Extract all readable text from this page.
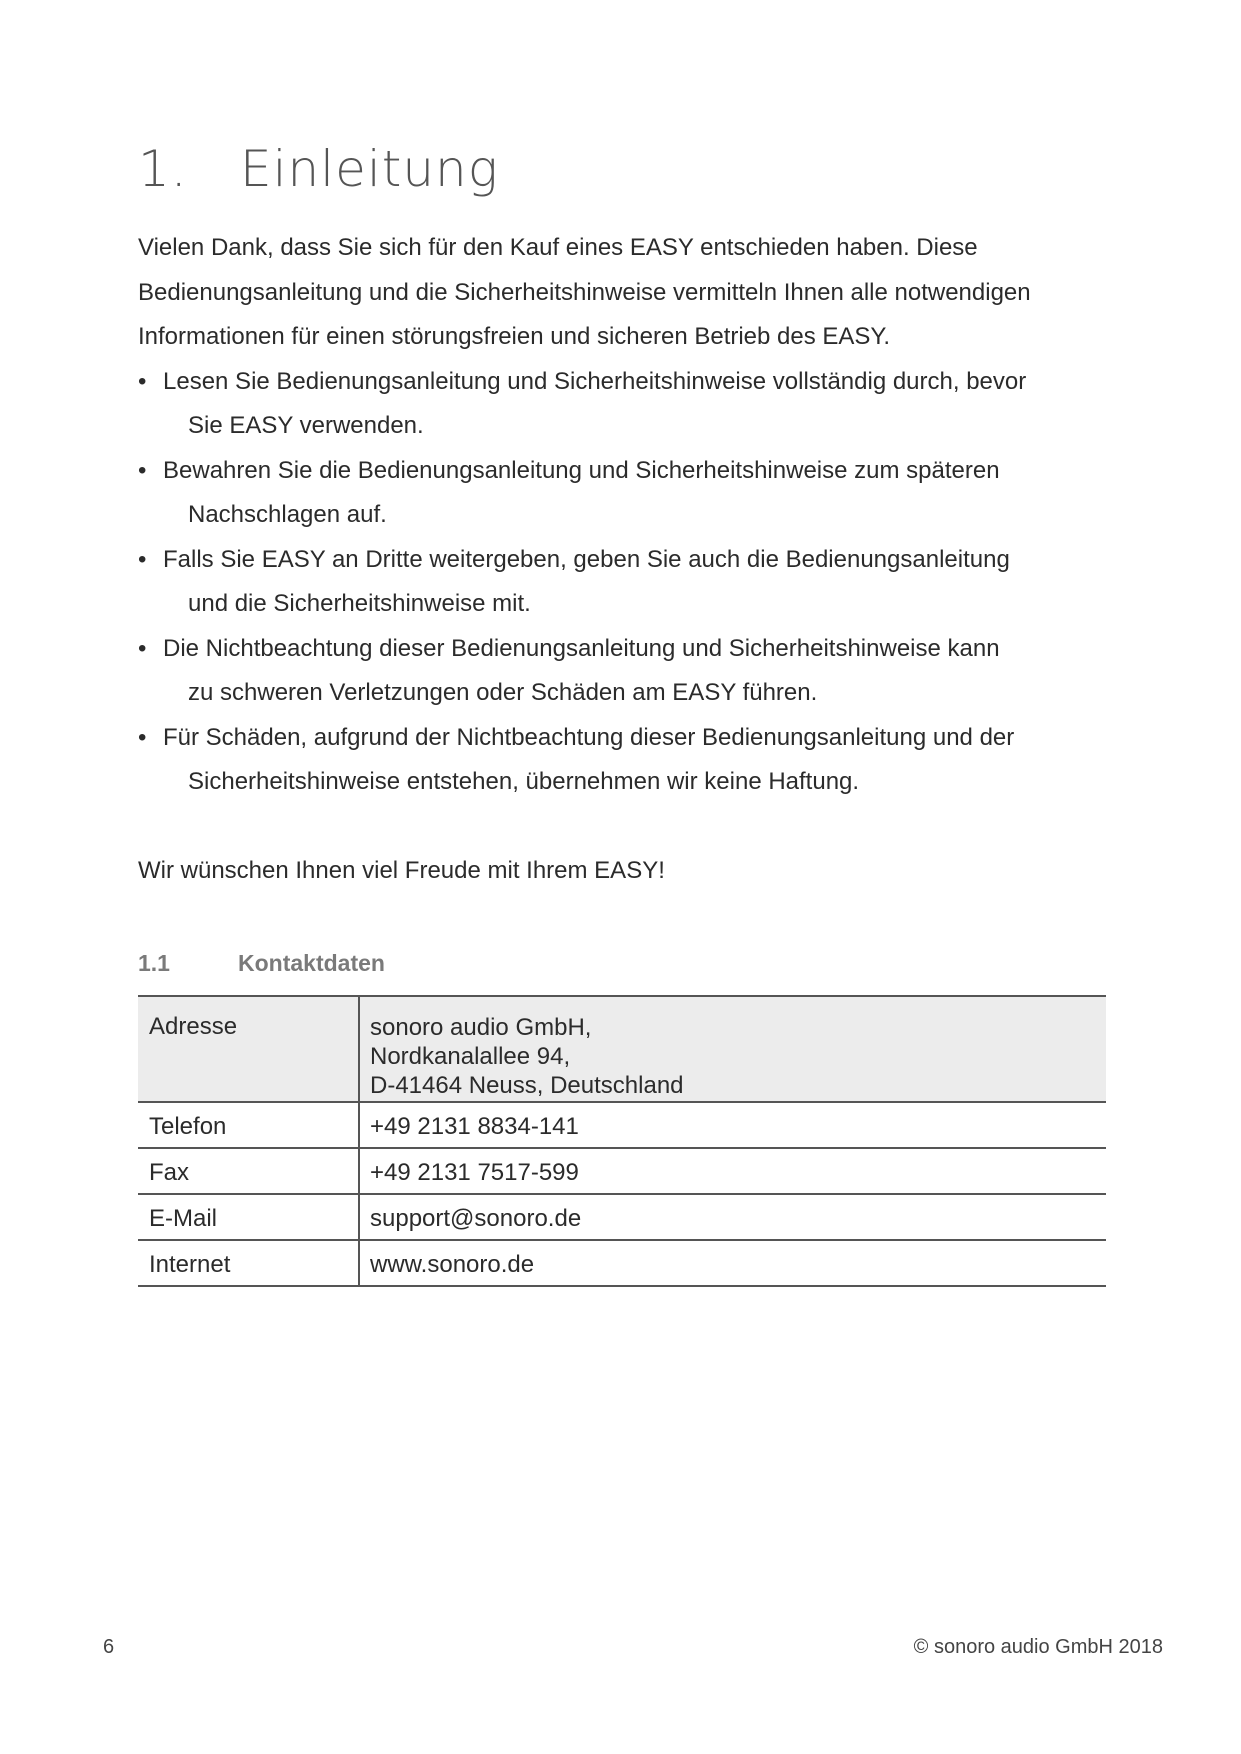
1. Einleitung

Vielen Dank, dass Sie sich für den Kauf eines EASY entschieden haben. Diese
Bedienungsanleitung und die Sicherheitshinweise vermitteln Ihnen alle notwendigen
Informationen für einen störungsfreien und sicheren Betrieb des EASY.

• Lesen Sie Bedienungsanleitung und Sicherheitshinweise vollständig durch, bevor
Sie EASY verwenden.
• Bewahren Sie die Bedienungsanleitung und Sicherheitshinweise zum späteren
Nachschlagen auf.
• Falls Sie EASY an Dritte weitergeben, geben Sie auch die Bedienungsanleitung
und die Sicherheitshinweise mit.
• Die Nichtbeachtung dieser Bedienungsanleitung und Sicherheitshinweise kann
zu schweren Verletzungen oder Schäden am EASY führen.
• Für Schäden, aufgrund der Nichtbeachtung dieser Bedienungsanleitung und der
Sicherheitshinweise entstehen, übernehmen wir keine Haftung.

Wir wünschen Ihnen viel Freude mit Ihrem EASY!

1.1	Kontaktdaten
Adresse	sonoro audio GmbH,
Nordkanalallee 94,
D-41464 Neuss, Deutschland

Telefon	+49 2131 8834-141
Fax	+49 2131 7517-599
E-Mail	support@sonoro.de
Internet	www.sonoro.de
6	© sonoro audio GmbH 2018
